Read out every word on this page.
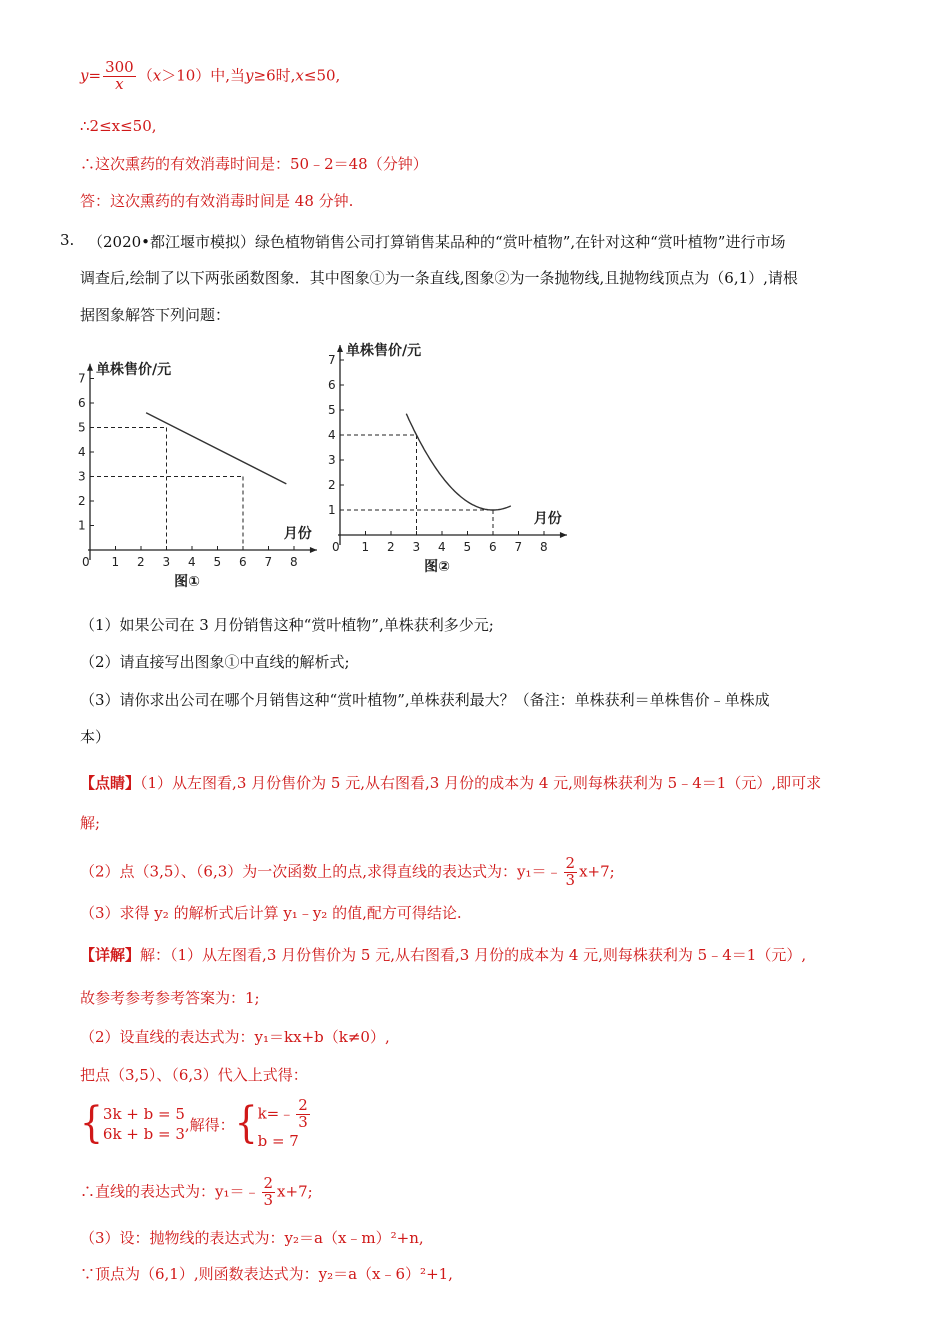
$y= \frac{300}{x} (x>10)$中,当y≥6时,x≤50,
∴2≤x≤50,
∴这次熏药的有效消毒时间是：50﹣2＝48（分钟）
答：这次熏药的有效消毒时间是 48 分钟.
3. （2020•都江堰市模拟）绿色植物销售公司打算销售某品种的“赏叶植物”,在针对这种“赏叶植物”进行市场
调查后,绘制了以下两张函数图象．其中图象①为一条直线,图象②为一条抛物线,且抛物线顶点为（6,1）,请根
据图象解答下列问题：
0 1 2 3 4 5 6 7 8
1
2
3
4
5
6
7
单株售价/元
月份
图①
0 1 2 3 4 5 6 7 8
1
2
3
4
5
6
7
单株售价/元
月份
图②
（1）如果公司在 3 月份销售这种“赏叶植物”,单株获利多少元;
（2）请直接写出图象①中直线的解析式;
（3）请你求出公司在哪个月销售这种“赏叶植物”,单株获利最大？（备注：单株获利＝单株售价﹣单株成
本）
【点睛】（1）从左图看,3 月份售价为 5 元,从右图看,3 月份的成本为 4 元,则每株获利为 5﹣4＝1（元）,即可求
解;
（2）点（3,5）、（6,3）为一次函数上的点,求得直线的表达式为：y₁＝﹣ $\frac{2}{3} x+7$;
（3）求得 y₂ 的解析式后计算 y₁﹣y₂ 的值,配方可得结论.
【详解】解：（1）从左图看,3 月份售价为 5 元,从右图看,3 月份的成本为 4 元,则每株获利为 5﹣4＝1（元）,
故参考参考参考答案为：1;
（2）设直线的表达式为：y₁＝kx+b（k≠0）,
把点（3,5）、（6,3）代入上式得：
{ 3k + b = 5
6k + b = 3
,解得：{ k=﹣ $\frac{2}{3}$
b = 7
∴直线的表达式为：y₁＝﹣ $\frac{2}{3} x+7$;
（3）设：抛物线的表达式为：y₂＝a（x﹣m）²+n,
∵顶点为（6,1）,则函数表达式为：y₂＝a（x﹣6）²+1,
